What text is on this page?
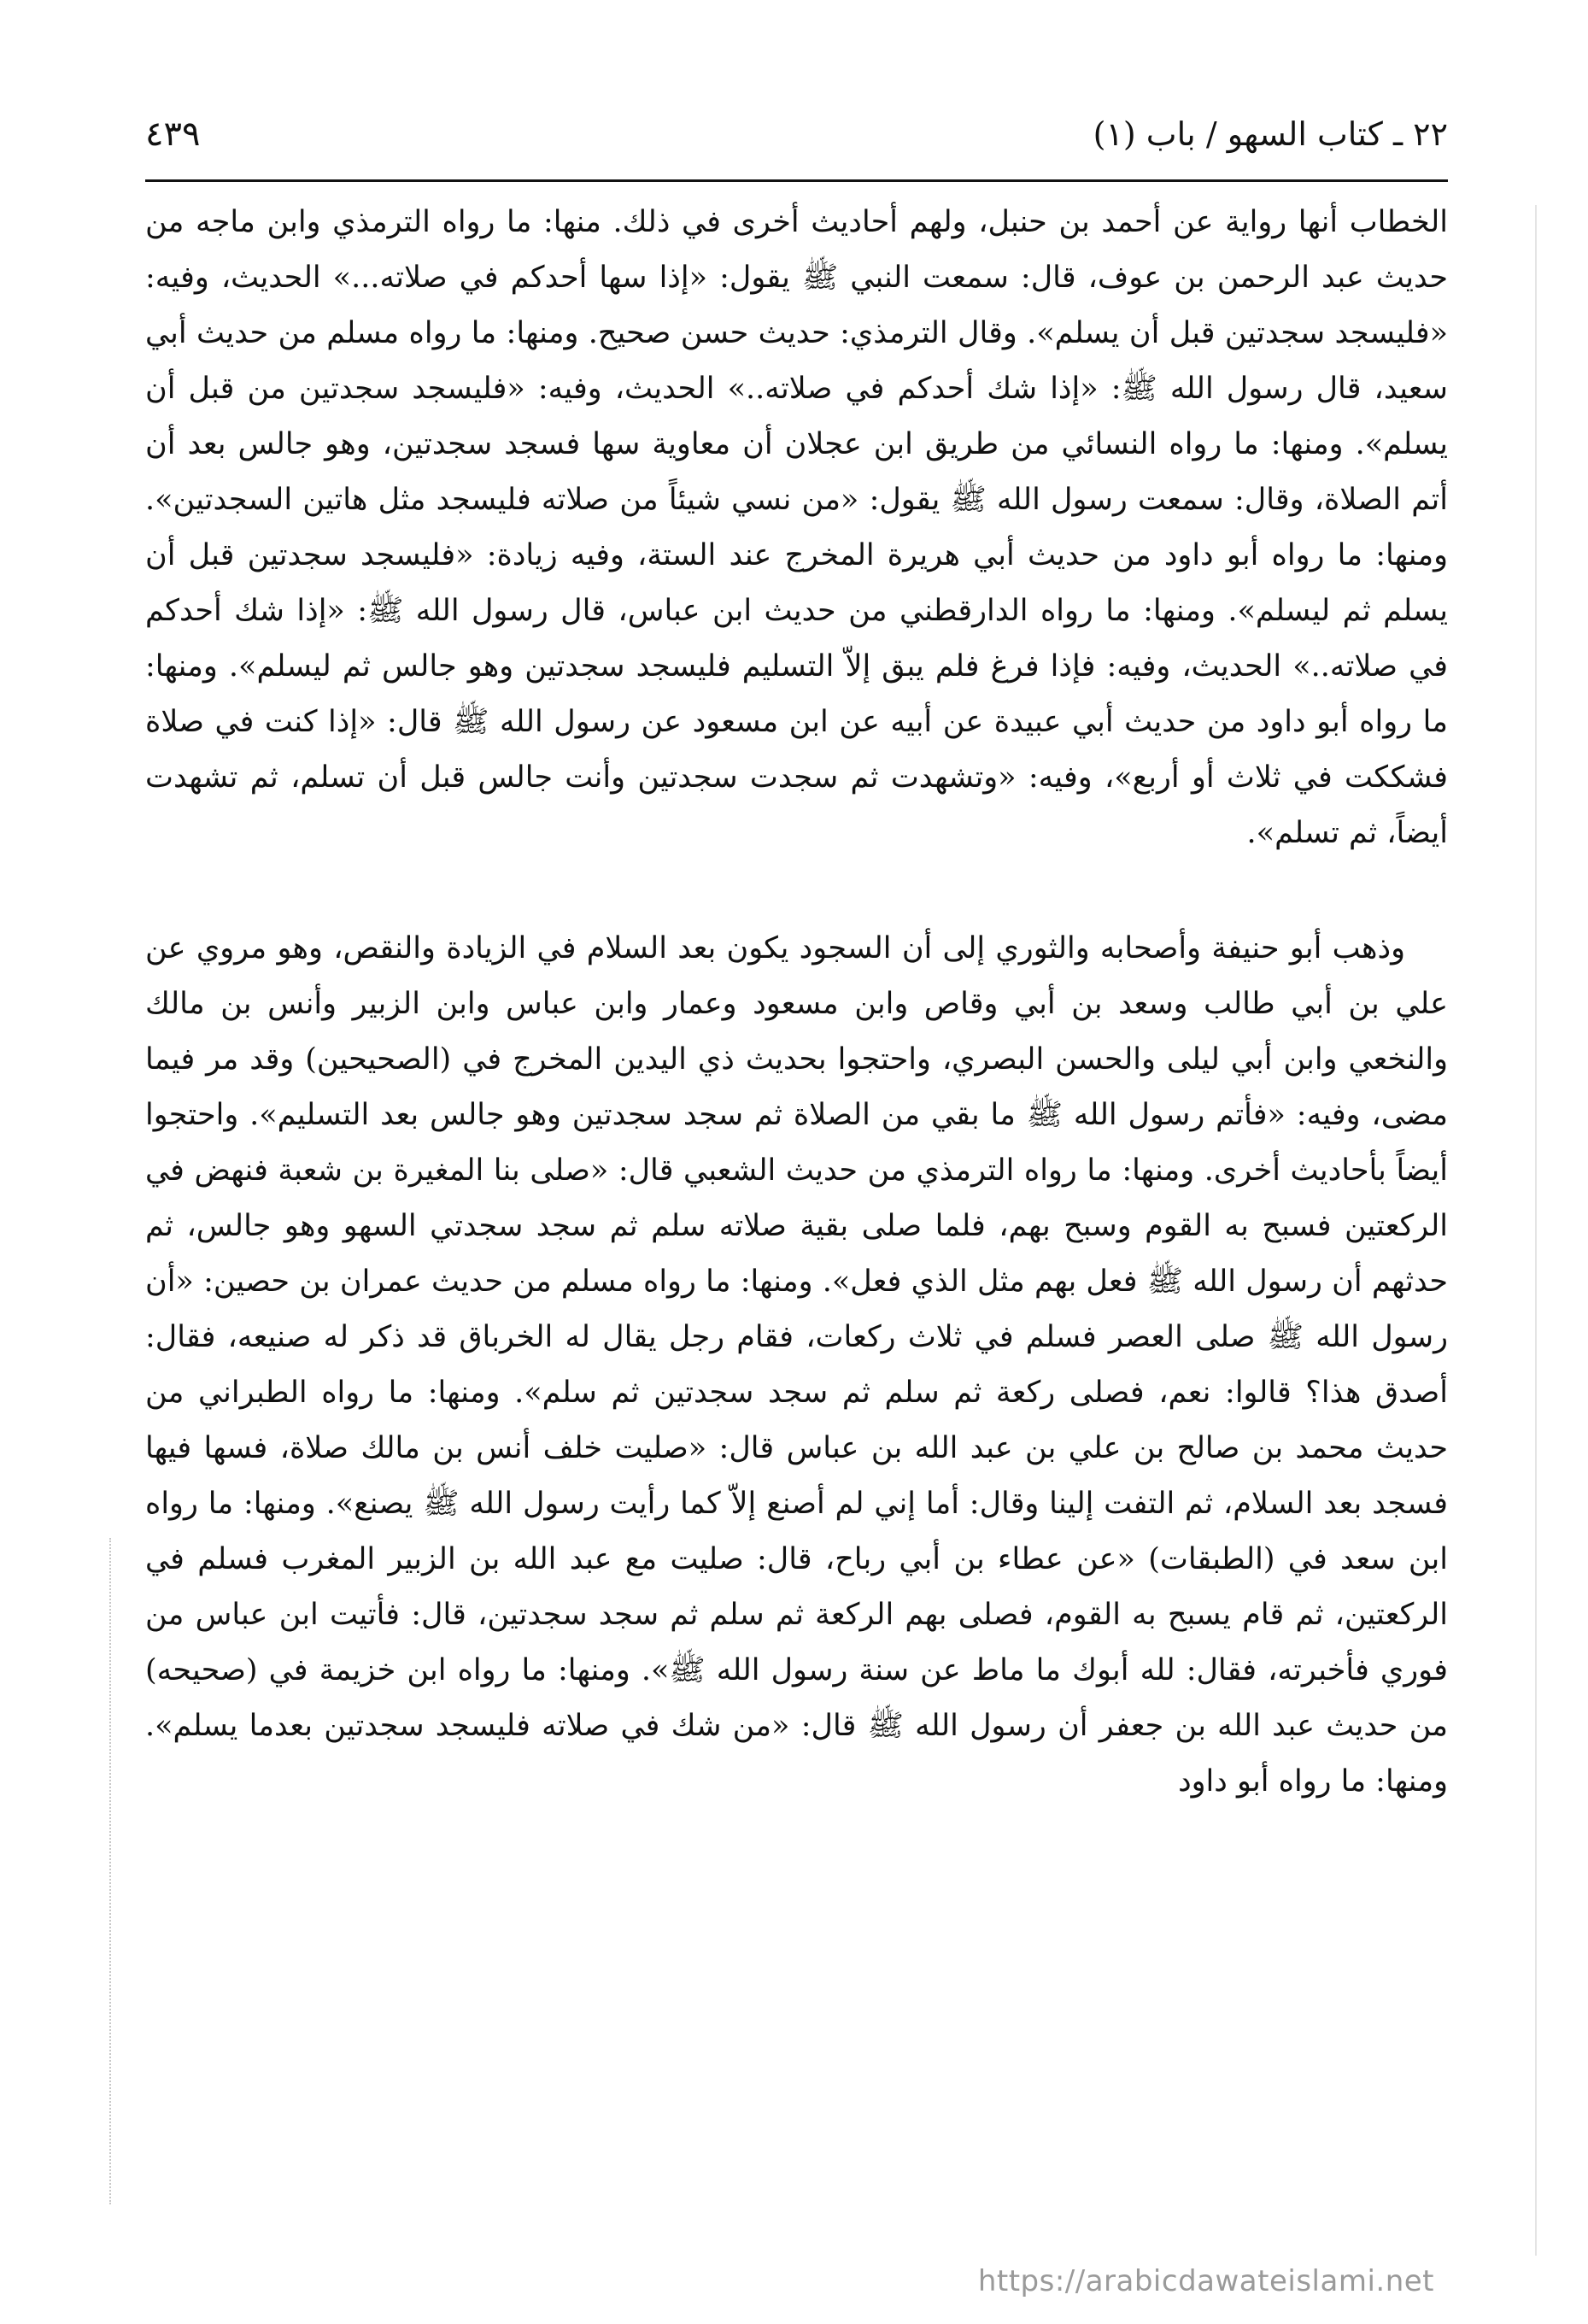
٢٢ ـ كتاب السهو / باب (١)
٤٣٩

الخطاب أنها رواية عن أحمد بن حنبل، ولهم أحاديث أخرى في ذلك. منها: ما رواه الترمذي وابن ماجه من حديث عبد الرحمن بن عوف، قال: سمعت النبي ﷺ يقول: «إذا سها أحدكم في صلاته...» الحديث، وفيه: «فليسجد سجدتين قبل أن يسلم». وقال الترمذي: حديث حسن صحيح. ومنها: ما رواه مسلم من حديث أبي سعيد، قال رسول الله ﷺ: «إذا شك أحدكم في صلاته..» الحديث، وفيه: «فليسجد سجدتين من قبل أن يسلم». ومنها: ما رواه النسائي من طريق ابن عجلان أن معاوية سها فسجد سجدتين، وهو جالس بعد أن أتم الصلاة، وقال: سمعت رسول الله ﷺ يقول: «من نسي شيئاً من صلاته فليسجد مثل هاتين السجدتين». ومنها: ما رواه أبو داود من حديث أبي هريرة المخرج عند الستة، وفيه زيادة: «فليسجد سجدتين قبل أن يسلم ثم ليسلم». ومنها: ما رواه الدارقطني من حديث ابن عباس، قال رسول الله ﷺ: «إذا شك أحدكم في صلاته..» الحديث، وفيه: فإذا فرغ فلم يبق إلاّ التسليم فليسجد سجدتين وهو جالس ثم ليسلم». ومنها: ما رواه أبو داود من حديث أبي عبيدة عن أبيه عن ابن مسعود عن رسول الله ﷺ قال: «إذا كنت في صلاة فشككت في ثلاث أو أربع»، وفيه: «وتشهدت ثم سجدت سجدتين وأنت جالس قبل أن تسلم، ثم تشهدت أيضاً، ثم تسلم».

وذهب أبو حنيفة وأصحابه والثوري إلى أن السجود يكون بعد السلام في الزيادة والنقص، وهو مروي عن علي بن أبي طالب وسعد بن أبي وقاص وابن مسعود وعمار وابن عباس وابن الزبير وأنس بن مالك والنخعي وابن أبي ليلى والحسن البصري، واحتجوا بحديث ذي اليدين المخرج في (الصحيحين) وقد مر فيما مضى، وفيه: «فأتم رسول الله ﷺ ما بقي من الصلاة ثم سجد سجدتين وهو جالس بعد التسليم». واحتجوا أيضاً بأحاديث أخرى. ومنها: ما رواه الترمذي من حديث الشعبي قال: «صلى بنا المغيرة بن شعبة فنهض في الركعتين فسبح به القوم وسبح بهم، فلما صلى بقية صلاته سلم ثم سجد سجدتي السهو وهو جالس، ثم حدثهم أن رسول الله ﷺ فعل بهم مثل الذي فعل». ومنها: ما رواه مسلم من حديث عمران بن حصين: «أن رسول الله ﷺ صلى العصر فسلم في ثلاث ركعات، فقام رجل يقال له الخرباق قد ذكر له صنيعه، فقال: أصدق هذا؟ قالوا: نعم، فصلى ركعة ثم سلم ثم سجد سجدتين ثم سلم». ومنها: ما رواه الطبراني من حديث محمد بن صالح بن علي بن عبد الله بن عباس قال: «صليت خلف أنس بن مالك صلاة، فسها فيها فسجد بعد السلام، ثم التفت إلينا وقال: أما إني لم أصنع إلاّ كما رأيت رسول الله ﷺ يصنع». ومنها: ما رواه ابن سعد في (الطبقات) «عن عطاء بن أبي رباح، قال: صليت مع عبد الله بن الزبير المغرب فسلم في الركعتين، ثم قام يسبح به القوم، فصلى بهم الركعة ثم سلم ثم سجد سجدتين، قال: فأتيت ابن عباس من فوري فأخبرته، فقال: لله أبوك ما ماط عن سنة رسول الله ﷺ». ومنها: ما رواه ابن خزيمة في (صحيحه) من حديث عبد الله بن جعفر أن رسول الله ﷺ قال: «من شك في صلاته فليسجد سجدتين بعدما يسلم». ومنها: ما رواه أبو داود

https://arabicdawateislami.net
